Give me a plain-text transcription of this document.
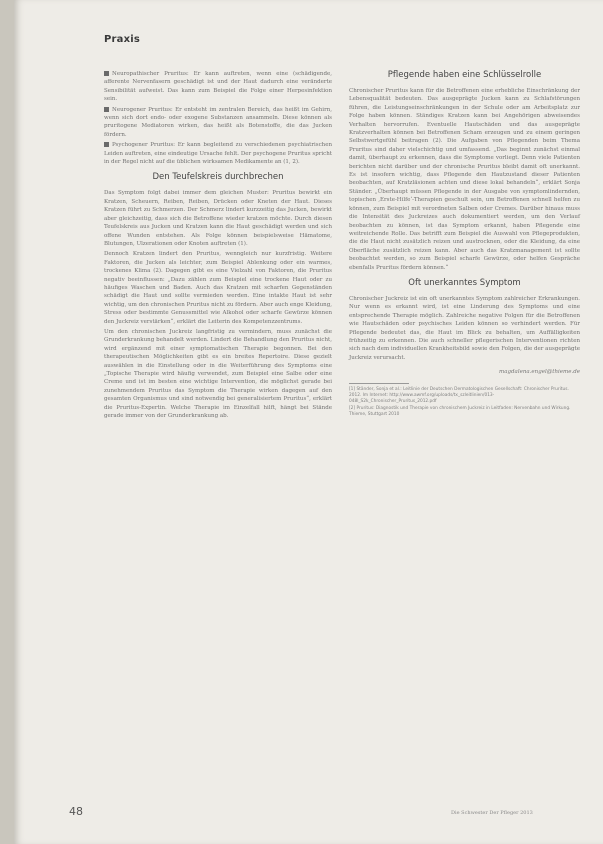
Praxis

Neuropathischer Pruritus: Er kann auftreten, wenn eine (schädigende, afferente Nervenfasern geschädigt ist und der Haut dadurch eine veränderte Sensibilität aufweist. Das kann zum Beispiel die Folge einer Herpesinfektion sein.

Neurogener Pruritus: Er entsteht im zentralen Bereich, das heißt im Gehirn, wenn sich dort endo- oder exogene Substanzen ansammeln. Diese können als pruritogene Mediatoren wirken, das heißt als Botenstoffe, die das Jucken fördern.

Psychogener Pruritus: Er kann begleitend zu verschiedenen psychiatrischen Leiden auftreten, eine eindeutige Ursache fehlt. Der psychogene Pruritus spricht in der Regel nicht auf die üblichen wirksamen Medikamente an (1, 2).

Den Teufelskreis durchbrechen

Das Symptom folgt dabei immer dem gleichen Muster: Pruritus bewirkt ein Kratzen, Scheuern, Reiben, Reiben, Drücken oder Kneten der Haut. Dieses Kratzen führt zu Schmerzen. Der Schmerz lindert kurzzeitig das Jucken, bewirkt aber gleichzeitig, dass sich die Betroffene wieder kratzen möchte. Durch diesen Teufelskreis aus Jucken und Kratzen kann die Haut geschädigt werden und sich offene Wunden entstehen. Als Folge können beispielsweise Hämatome, Blutungen, Ulzerationen oder Knoten auftreten (1).

Dennoch Kratzen lindert den Pruritus, wenngleich nur kurzfristig. Weitere Faktoren, die Jucken als leichter, zum Beispiel Ablenkung oder ein warmes, trockenes Klima (2). Dagegen gibt es eine Vielzahl von Faktoren, die Pruritus negativ beeinflussen: „Dazu zählen zum Beispiel eine trockene Haut oder zu häufiges Waschen und Baden. Auch das Kratzen mit scharfen Gegenständen schädigt die Haut und sollte vermieden werden. Eine intakte Haut ist sehr wichtig, um den chronischen Pruritus nicht zu fördern. Aber auch enge Kleidung, Stress oder bestimmte Genussmittel wie Alkohol oder scharfe Gewürze können den Juckreiz verstärken“, erklärt die Leiterin des Kompetenzzentrums.

Um den chronischen Juckreiz langfristig zu vermindern, muss zunächst die Grunderkrankung behandelt werden. Lindert die Behandlung den Pruritus nicht, wird ergänzend mit einer symptomatischen Therapie begonnen. Bei den therapeutischen Möglichkeiten gibt es ein breites Repertoire. Diese gezielt auswählen in die Einstellung oder in die Weiterführung des Symptoms eine „Topische Therapie wird häufig verwendet, zum Beispiel eine Salbe oder eine Creme und ist im besten eine wichtige Intervention, die möglichst gerade bei zunehmendem Pruritus das Symptom die Therapie wirken dagegen auf den gesamten Organismus und sind notwendig bei generalisiertem Pruritus“, erklärt die Pruritus-Expertin. Welche Therapie im Einzelfall hilft, hängt bei Stände gerade immer von der Grunderkrankung ab.

Pflegende haben eine Schlüsselrolle

Chronischer Pruritus kann für die Betroffenen eine erhebliche Einschränkung der Lebensqualität bedeuten. Das ausgeprägte Jucken kann zu Schlafstörungen führen, die Leistungseinschränkungen in der Schule oder am Arbeitsplatz zur Folge haben können. Ständiges Kratzen kann bei Angehörigen abweisendes Verhalten hervorrufen. Eventuelle Hautschäden und das ausgeprägte Kratzverhalten können bei Betroffenen Scham erzeugen und zu einem geringen Selbstwertgefühl beitragen (2). Die Aufgaben von Pflegenden beim Thema Pruritus sind daher vielschichtig und umfassend. „Das beginnt zunächst einmal damit, überhaupt zu erkennen, dass die Symptome vorliegt. Denn viele Patienten berichten nicht darüber und der chronische Pruritus bleibt damit oft unerkannt. Es ist insofern wichtig, dass Pflegende den Hautzustand dieser Patienten beobachten, auf Kratzläsionen achten und diese lokal behandeln“, erklärt Sonja Ständer. „Überhaupt müssen Pflegende in der Ausgabe von symptomlindernden, topischen ‚Erste-Hilfe‘-Therapien geschult sein, um Betroffenen schnell helfen zu können, zum Beispiel mit verordneten Salben oder Cremes. Darüber hinaus muss die Intensität des Juckreizes auch dokumentiert werden, um den Verlauf beobachten zu können, ist das Symptom erkannt, haben Pflegende eine weitreichende Rolle. Das betrifft zum Beispiel die Auswahl von Pflegeprodukten, die die Haut nicht zusätzlich reizen und austrocknen, oder die Kleidung, da eine Oberfläche zusätzlich reizen kann. Aber auch das Kratzmanagement ist sollte beobachtet werden, so zum Beispiel scharfe Gewürze, oder helfen Gespräche ebenfalls Pruritus fördern können.“

Oft unerkanntes Symptom

Chronischer Juckreiz ist ein oft unerkanntes Symptom zahlreicher Erkrankungen. Nur wenn es erkannt wird, ist eine Linderung des Symptoms und eine entsprechende Therapie möglich. Zahlreiche negative Folgen für die Betroffenen wie Hautschäden oder psychisches Leiden können so verhindert werden. Für Pflegende bedeutet das, die Haut im Blick zu behalten, um Auffälligkeiten frühzeitig zu erkennen. Die auch schneller pflegerischen Interventionen richten sich nach dem individuellen Krankheitsbild sowie den Folgen, die der ausgeprägte Juckreiz verursacht.

magdalena.engel@thieme.de

[1] Ständer, Sonja et al.: Leitlinie der Deutschen Dermatologischen Gesellschaft: Chronischer Pruritus. 2012. Im Internet: http://www.awmf.org/uploads/tx_szleitlinien/013-048l_S2k_Chronischer_Pruritus_2012.pdf

[2] Pruritus: Diagnostik und Therapie von chronischem Juckreiz in Leitfaden: Nervenbahn und Wirkung. Thieme, Stuttgart 2010

48	Die Schwester Der Pfleger 2013
